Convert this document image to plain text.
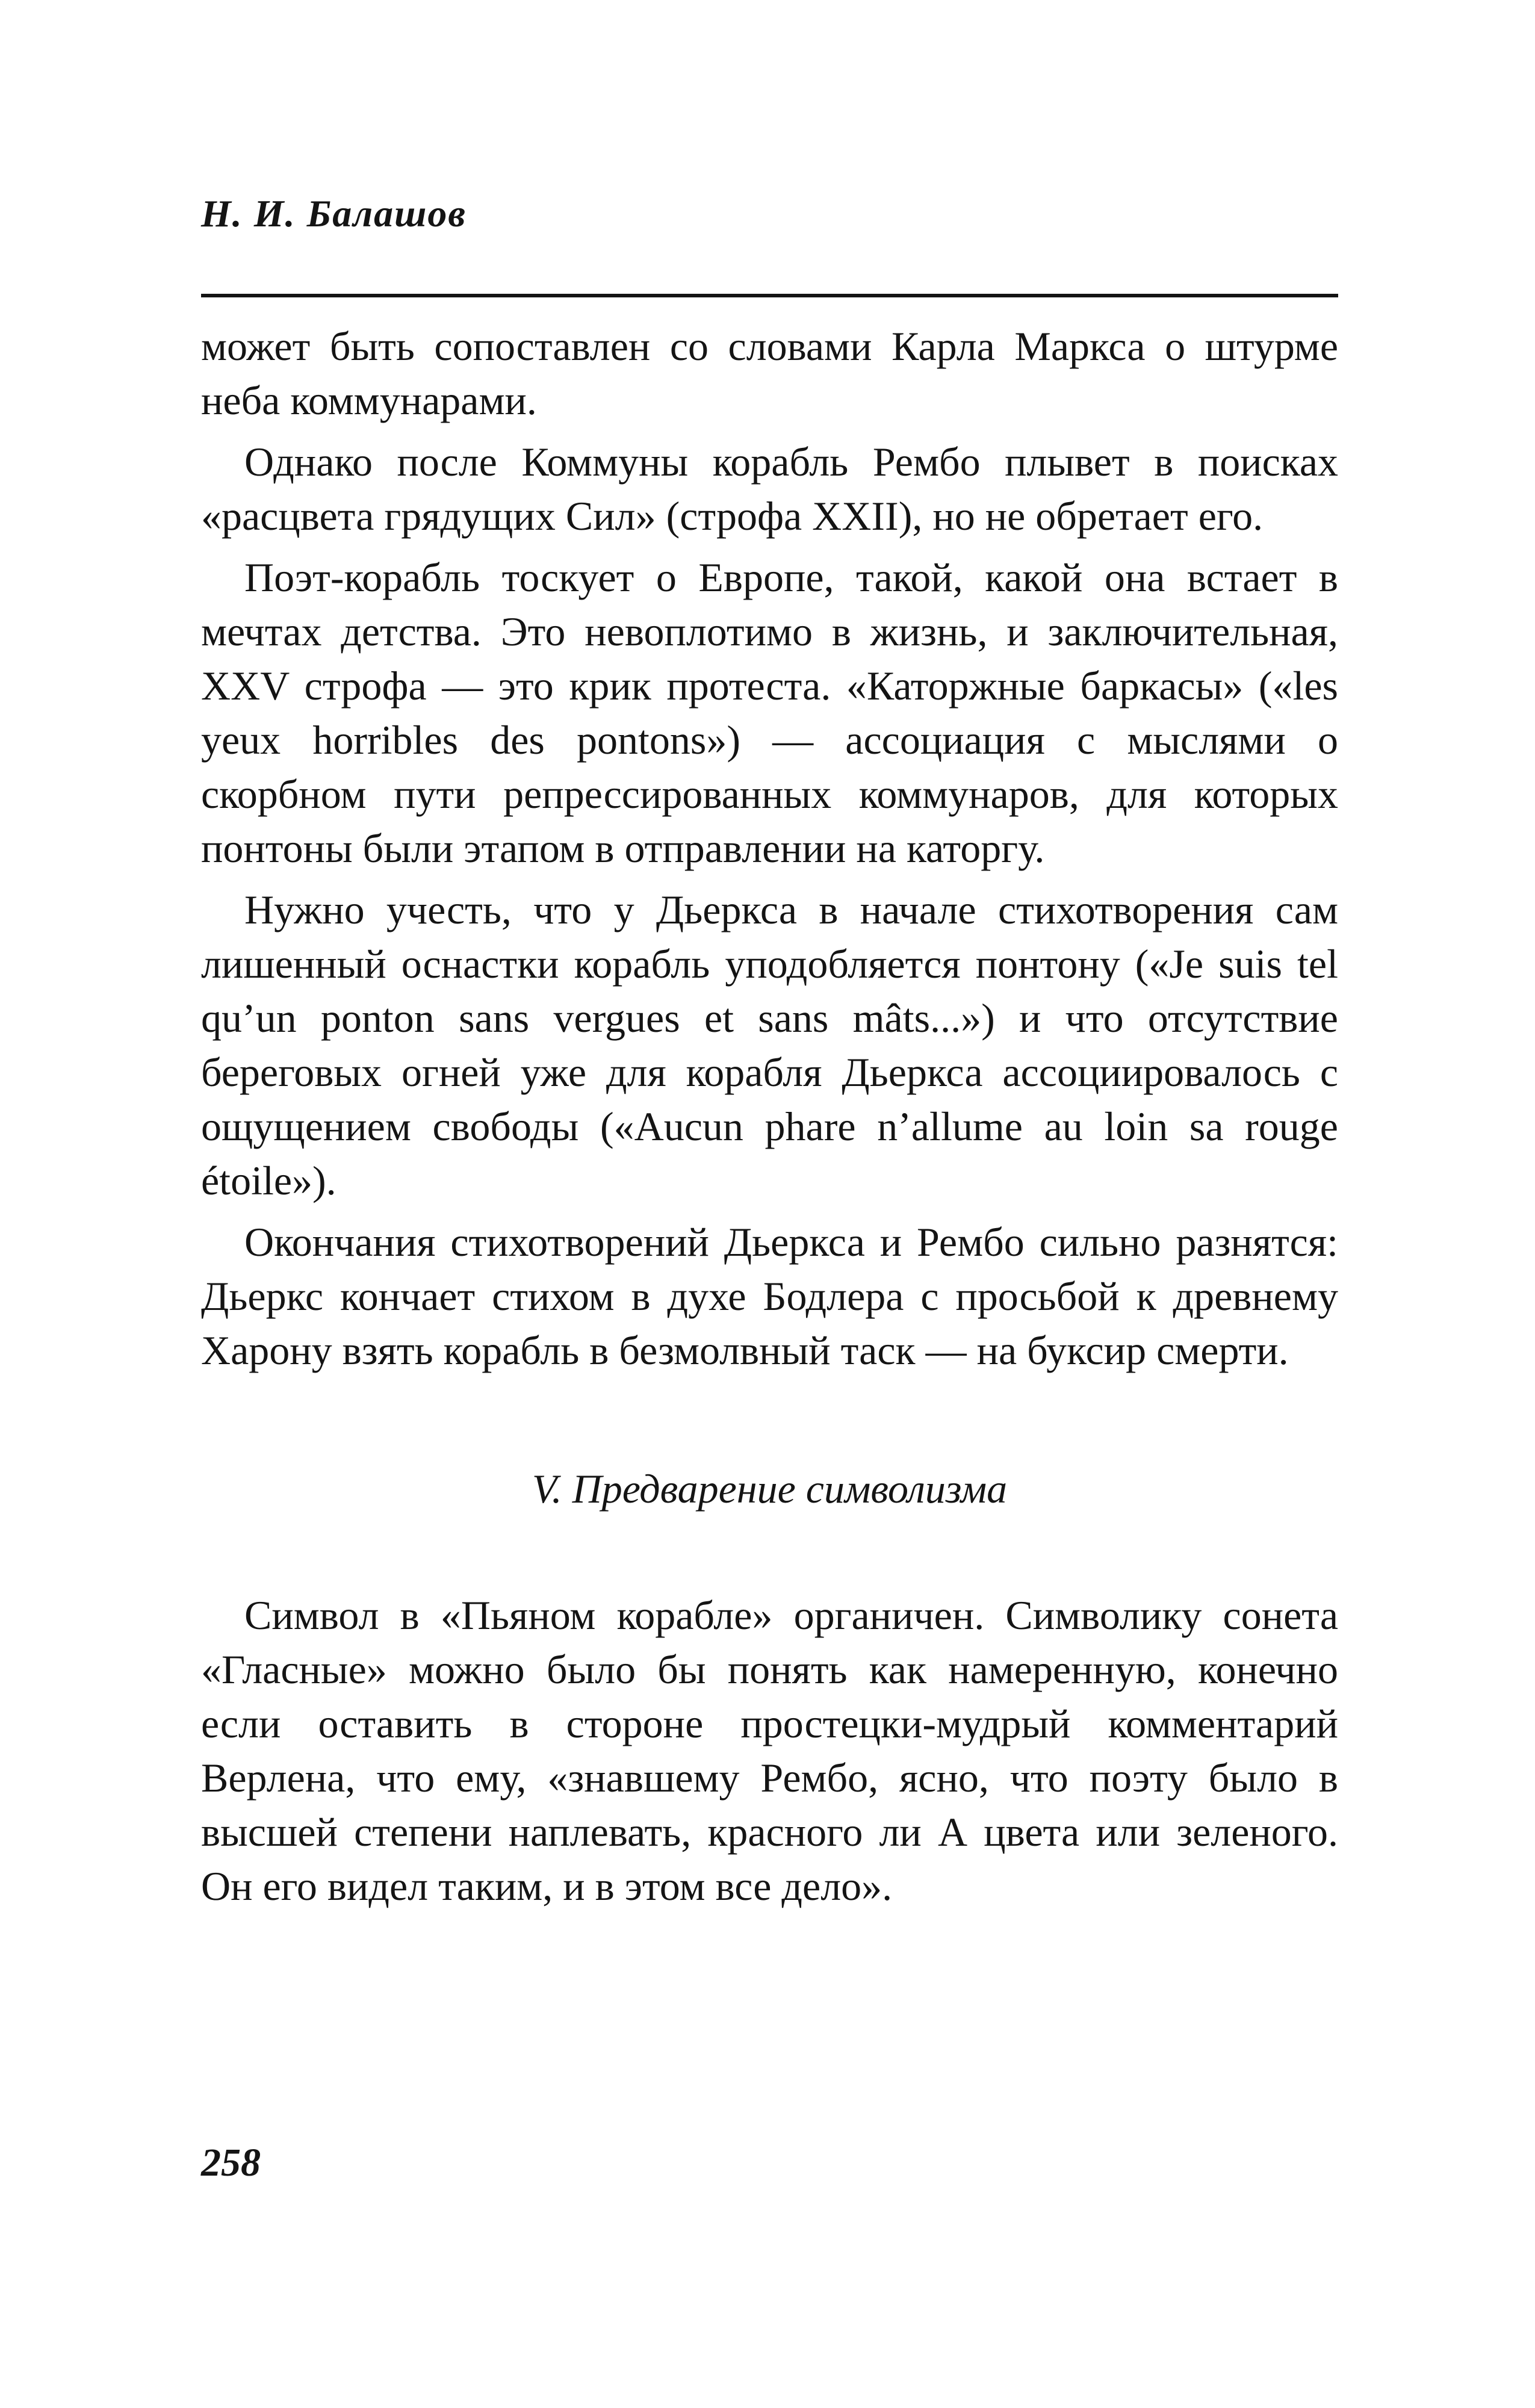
Н. И. Балашов

может быть сопоставлен со словами Карла Маркса о штурме неба коммунарами.

Однако после Коммуны корабль Рембо плывет в поисках «расцвета грядущих Сил» (строфа XXII), но не обретает его.

Поэт-корабль тоскует о Европе, такой, какой она встает в мечтах детства. Это невоплотимо в жизнь, и заключительная, XXV строфа — это крик протеста. «Каторжные баркасы» («les yeux horribles des pontons») — ассоциация с мыслями о скорбном пути репрессированных коммунаров, для которых понтоны были этапом в отправлении на каторгу.

Нужно учесть, что у Дьеркса в начале стихотворения сам лишенный оснастки корабль уподобляется понтону («Je suis tel qu’un ponton sans vergues et sans mâts...») и что отсутствие береговых огней уже для корабля Дьеркса ассоциировалось с ощущением свободы («Aucun phare n’allume au loin sa rouge étoile»).

Окончания стихотворений Дьеркса и Рембо сильно разнятся: Дьеркс кончает стихом в духе Бодлера с просьбой к древнему Харону взять корабль в безмолвный таск — на буксир смерти.

V. Предварение символизма

Символ в «Пьяном корабле» органичен. Символику сонета «Гласные» можно было бы понять как намеренную, конечно если оставить в стороне простецки-мудрый комментарий Верлена, что ему, «знавшему Рембо, ясно, что поэту было в высшей степени наплевать, красного ли А цвета или зеленого. Он его видел таким, и в этом все дело».

258
